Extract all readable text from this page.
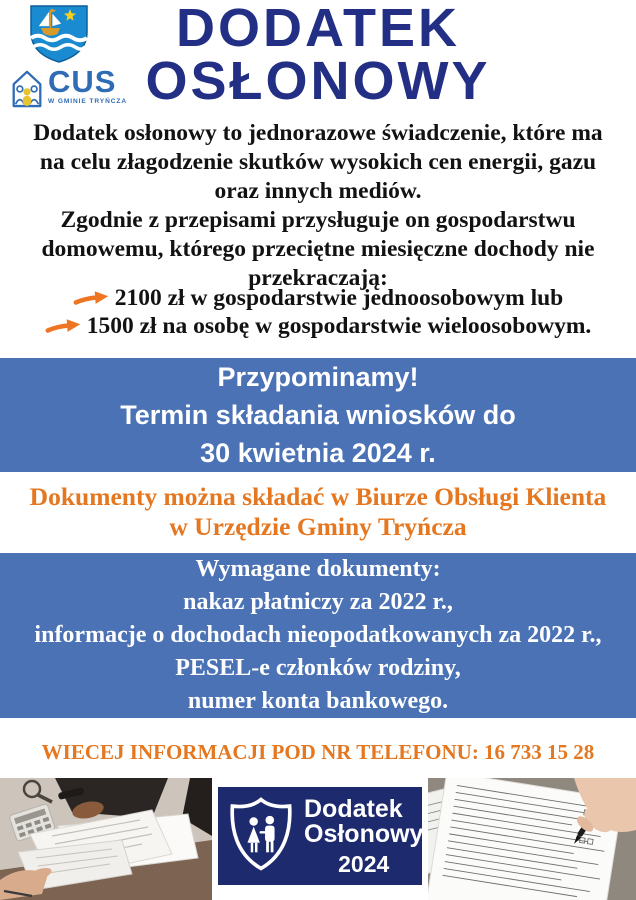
CUS
W GMINIE TRYŃCZA
DODATEK
OSŁONOWY
Dodatek osłonowy to jednorazowe świadczenie, które ma
na celu złagodzenie skutków wysokich cen energii, gazu
oraz innych mediów.
Zgodnie z przepisami przysługuje on gospodarstwu
domowemu, którego przeciętne miesięczne dochody nie
przekraczają:
2100 zł w gospodarstwie jednoosobowym lub
1500 zł na osobę w gospodarstwie wieloosobowym.
Przypominamy!
Termin składania wniosków do
30 kwietnia 2024 r.
Dokumenty można składać w Biurze Obsługi Klienta
w Urzędzie Gminy Tryńcza
Wymagane dokumenty:
nakaz płatniczy za 2022 r.,
informacje o dochodach nieopodatkowanych za 2022 r.,
PESEL-e członków rodziny,
numer konta bankowego.
WIECEJ INFORMACJI POD NR TELEFONU: 16 733 15 28
Dodatek
Osłonowy
2024
